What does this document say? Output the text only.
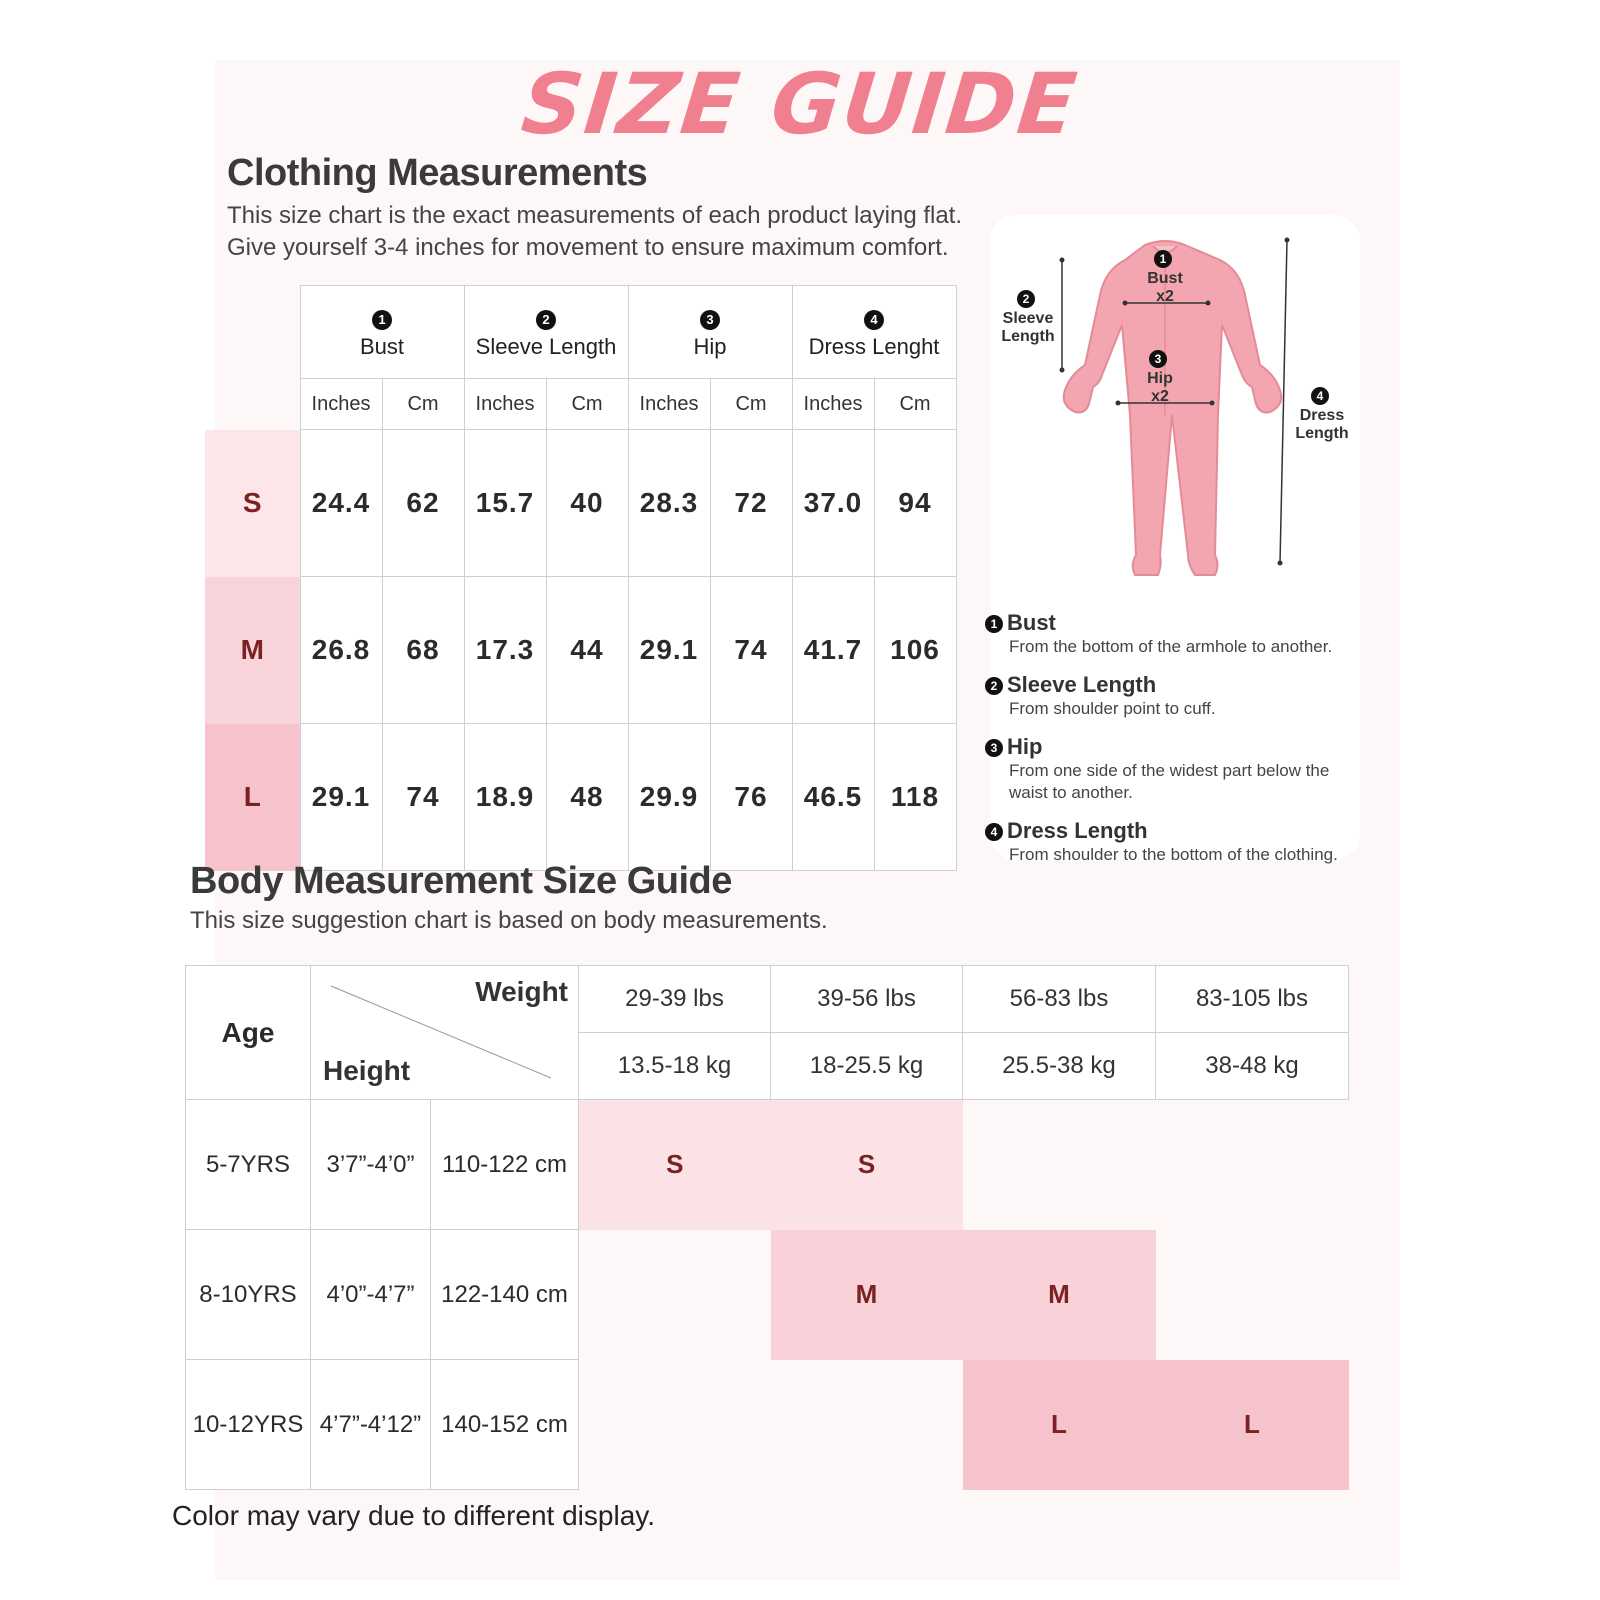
SIZE GUIDE
Clothing Measurements
This size chart is the exact measurements of each product laying flat.
Give yourself 3-4 inches for movement to ensure maximum comfort.
	1
Bust		2
Sleeve Length		3
Hip		4
Dress Lenght	
	Inches	Cm	Inches	Cm	Inches	Cm	Inches	Cm
S	24.4	62	15.7	40	28.3	72	37.0	94
M	26.8	68	17.3	44	29.1	74	41.7	106
L	29.1	74	18.9	48	29.9	76	46.5	118
1
Bust
x2
2
Sleeve
Length
3
Hip
x2	4
Dress
Length
1 Bust
From the bottom of the armhole to another.
2 Sleeve Length
From shoulder point to cuff.
3 Hip
From one side of the widest part below the waist to another.
4 Dress Length
From shoulder to the bottom of the clothing.
Body Measurement Size Guide
This size suggestion chart is based on body measurements.
Age	Weight
Height		29-39 lbs	39-56 lbs	56-83 lbs	83-105 lbs
			13.5-18 kg	18-25.5 kg	25.5-38 kg	38-48 kg
5-7YRS	3’7”-4’0”	110-122 cm	S	S		
8-10YRS	4’0”-4’7”	122-140 cm		M	M	
10-12YRS	4’7”-4’12”	140-152 cm			L	L
Color may vary due to different display.
